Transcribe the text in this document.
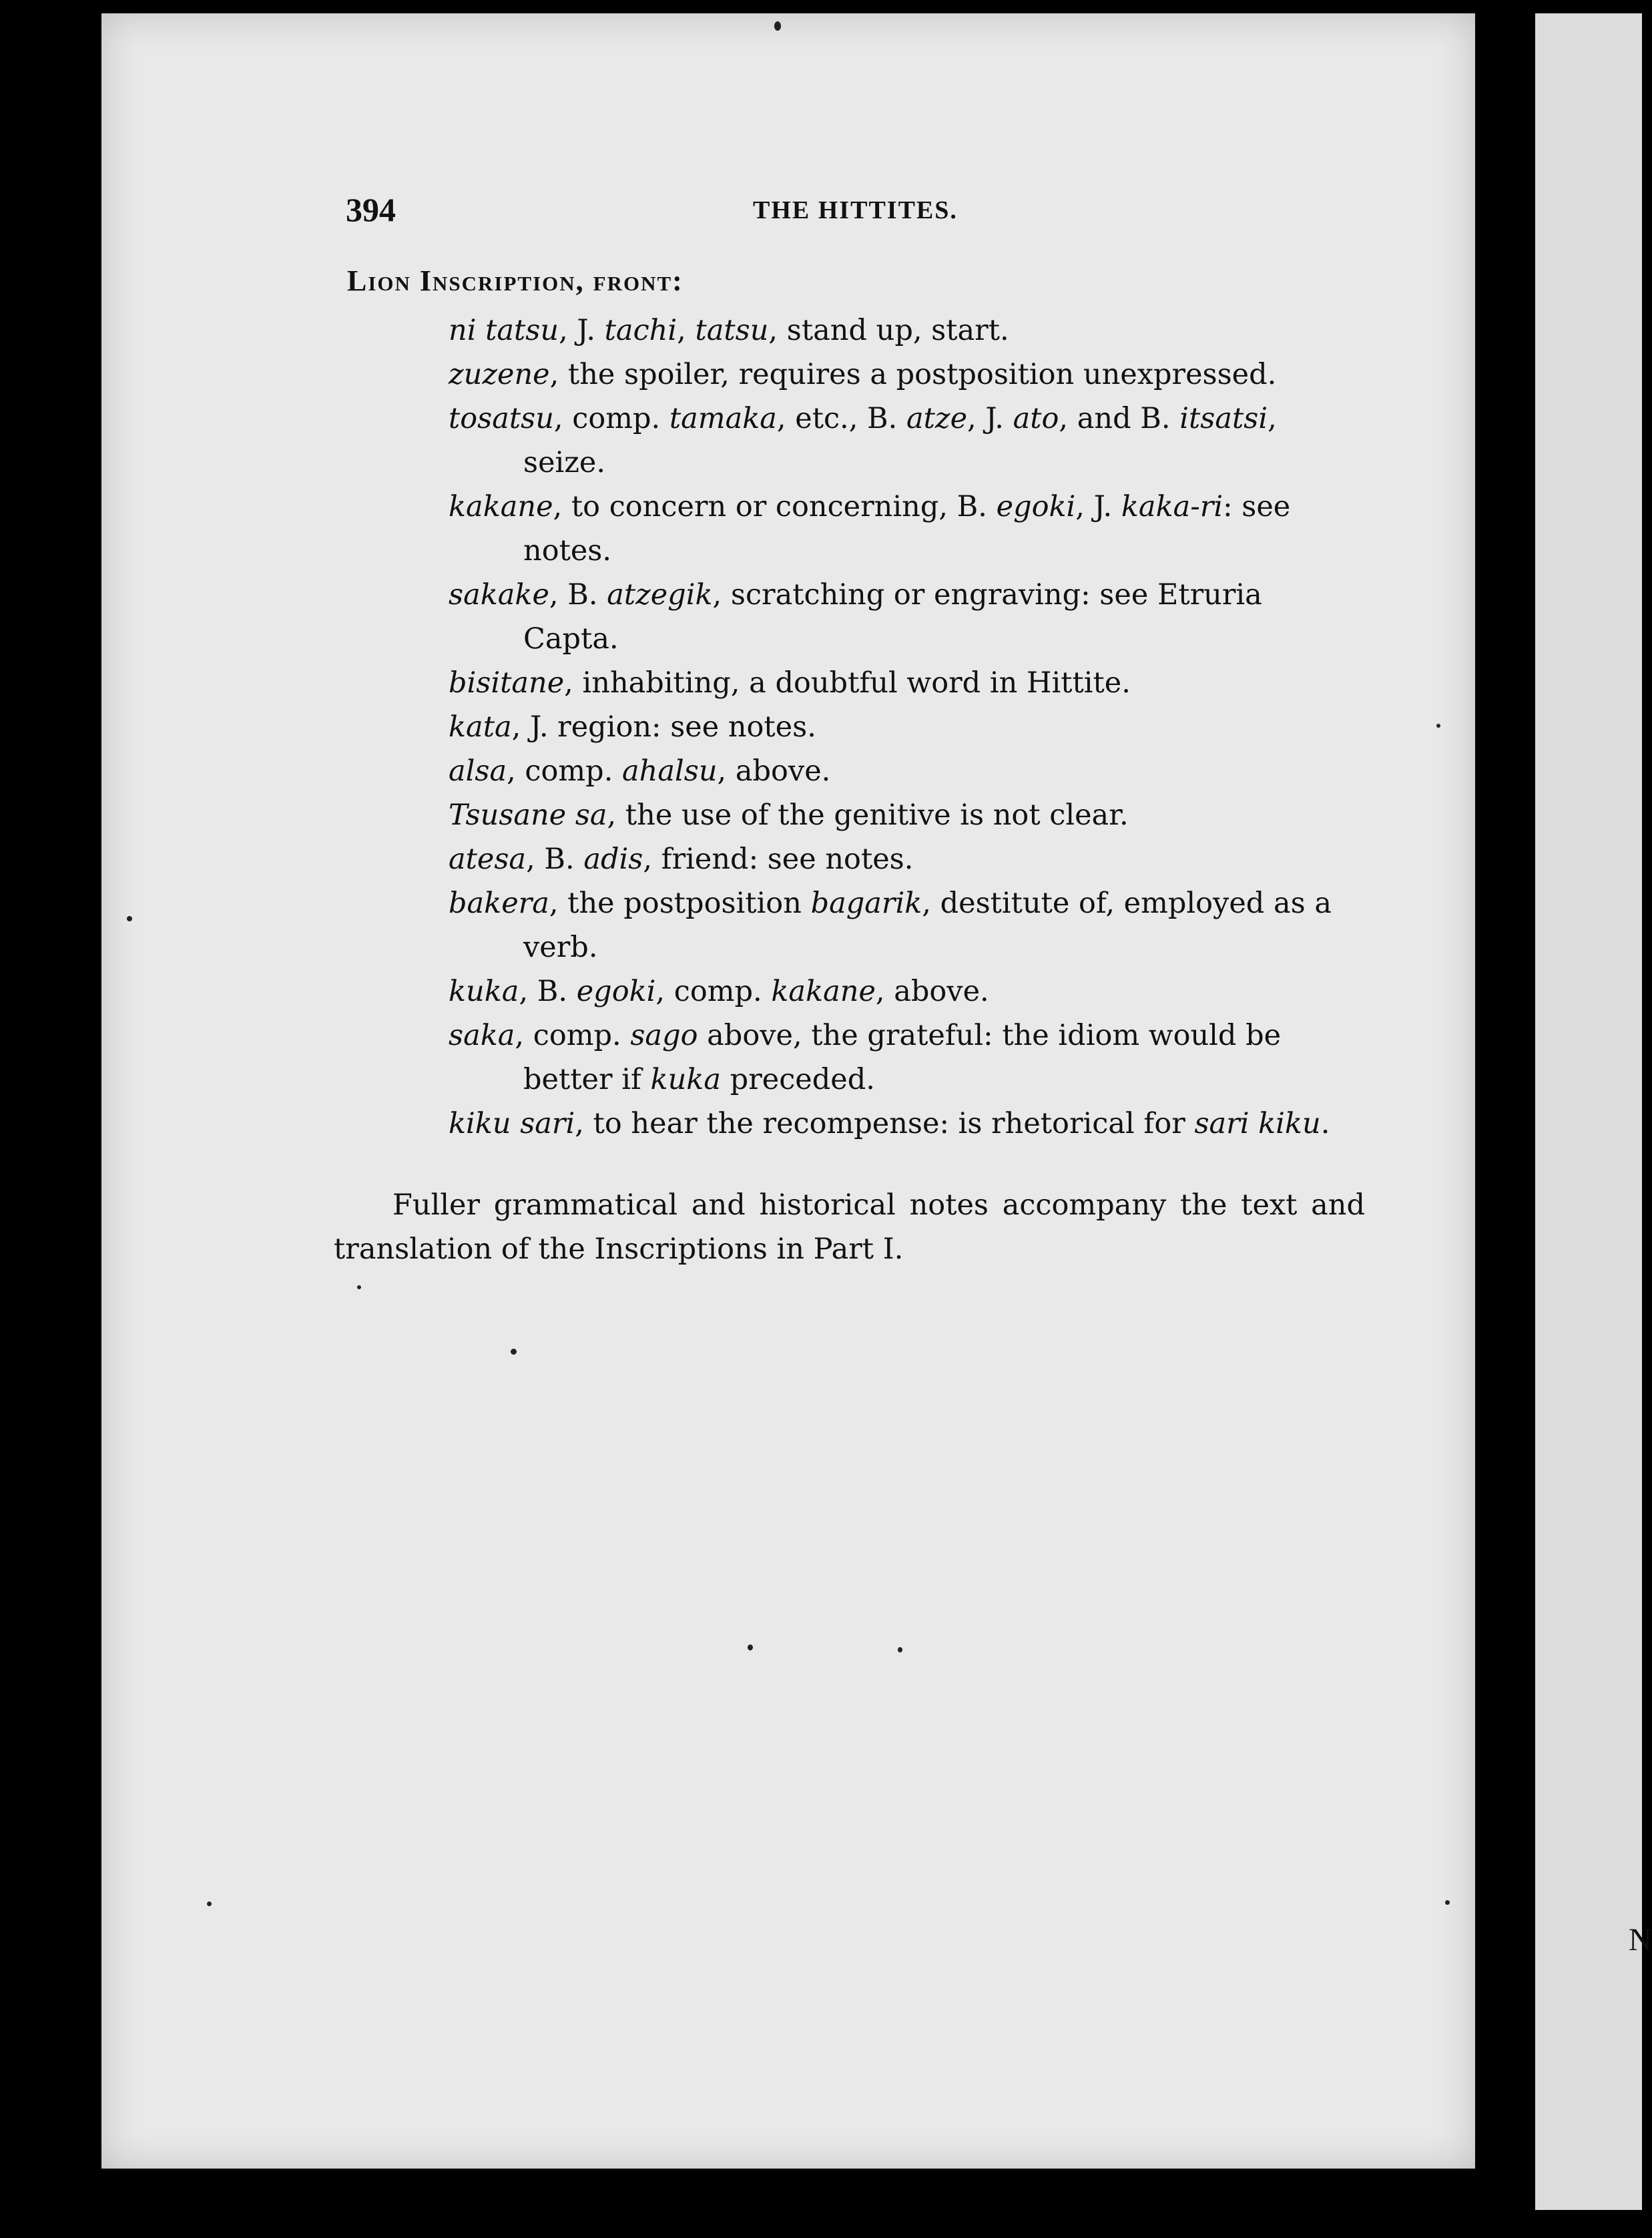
N
394	THE HITTITES.
Lion Inscription, front:

ni tatsu, J. tachi, tatsu, stand up, start.

zuzene, the spoiler, requires a postposition unexpressed.

tosatsu, comp. tamaka, etc., B. atze, J. ato, and B. itsatsi, seize.

kakane, to concern or concerning, B. egoki, J. kaka-ri: see notes.

sakake, B. atzegik, scratching or engraving: see Etruria Capta.

bisitane, inhabiting, a doubtful word in Hittite.

kata, J. region: see notes.

alsa, comp. ahalsu, above.

Tsusane sa, the use of the genitive is not clear.

atesa, B. adis, friend: see notes.

bakera, the postposition bagarik, destitute of, employed as a verb.

kuka, B. egoki, comp. kakane, above.

saka, comp. sago above, the grateful: the idiom would be better if kuka preceded.

kiku sari, to hear the recompense: is rhetorical for sari kiku.

Fuller grammatical and historical notes accompany the text and translation of the Inscriptions in Part I.
